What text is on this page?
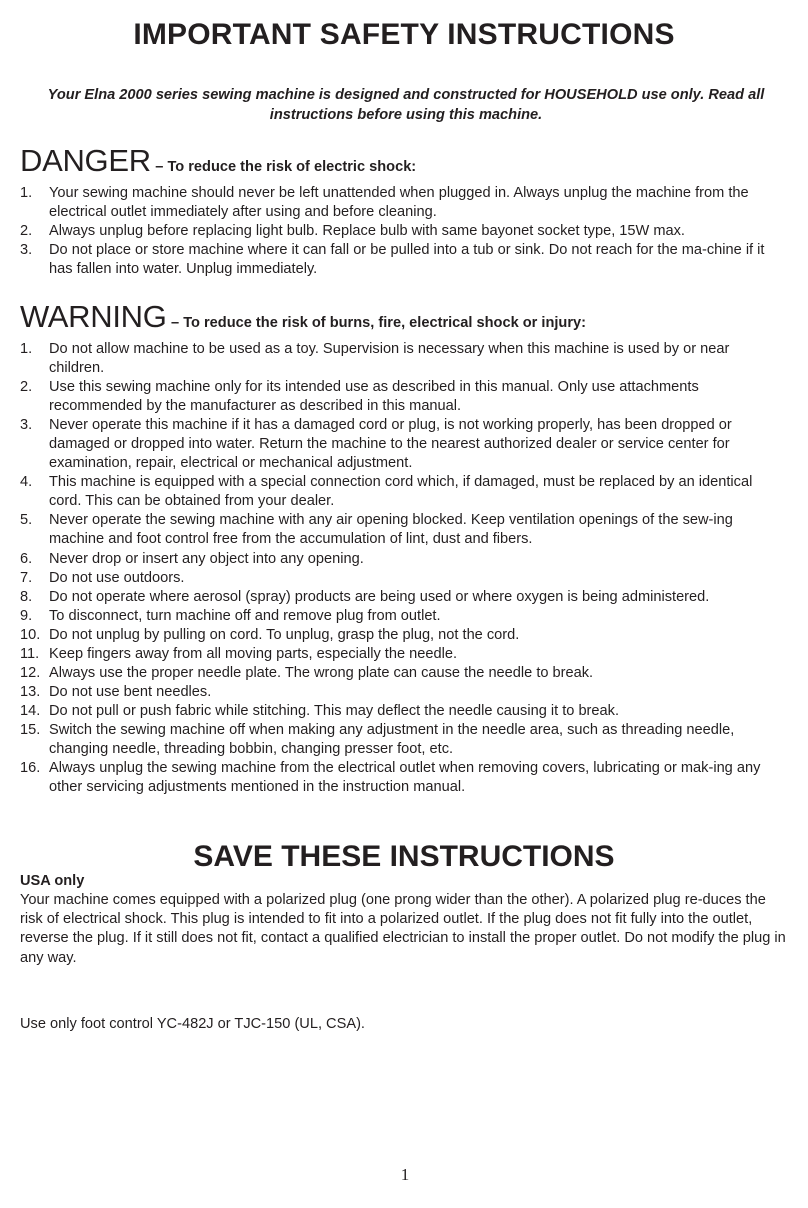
IMPORTANT SAFETY INSTRUCTIONS

Your Elna 2000 series sewing machine is designed and constructed for HOUSEHOLD use only. Read all instructions before using this machine.

DANGER – To reduce the risk of electric shock:
1. Your sewing machine should never be left unattended when plugged in. Always unplug the machine from the electrical outlet immediately after using and before cleaning.
2. Always unplug before replacing light bulb. Replace bulb with same bayonet socket type, 15W max.
3. Do not place or store machine where it can fall or be pulled into a tub or sink. Do not reach for the ma-chine if it has fallen into water. Unplug immediately.
WARNING – To reduce the risk of burns, fire, electrical shock or injury:
1. Do not allow machine to be used as a toy. Supervision is necessary when this machine is used by or near children.
2. Use this sewing machine only for its intended use as described in this manual. Only use attachments recommended by the manufacturer as described in this manual.
3. Never operate this machine if it has a damaged cord or plug, is not working properly, has been dropped or damaged or dropped into water. Return the machine to the nearest authorized dealer or service center for examination, repair, electrical or mechanical adjustment.
4. This machine is equipped with a special connection cord which, if damaged, must be replaced by an identical cord. This can be obtained from your dealer.
5. Never operate the sewing machine with any air opening blocked. Keep ventilation openings of the sew-ing machine and foot control free from the accumulation of lint, dust and fibers.
6. Never drop or insert any object into any opening.
7. Do not use outdoors.
8. Do not operate where aerosol (spray) products are being used or where oxygen is being administered.
9. To disconnect, turn machine off and remove plug from outlet.
10. Do not unplug by pulling on cord. To unplug, grasp the plug, not the cord.
11. Keep fingers away from all moving parts, especially the needle.
12. Always use the proper needle plate. The wrong plate can cause the needle to break.
13. Do not use bent needles.
14. Do not pull or push fabric while stitching. This may deflect the needle causing it to break.
15. Switch the sewing machine off when making any adjustment in the needle area, such as threading needle, changing needle, threading bobbin, changing presser foot, etc.
16. Always unplug the sewing machine from the electrical outlet when removing covers, lubricating or mak-ing any other servicing adjustments mentioned in the instruction manual.
SAVE THESE INSTRUCTIONS
USA only

Your machine comes equipped with a polarized plug (one prong wider than the other). A polarized plug re-duces the risk of electrical shock. This plug is intended to fit into a polarized outlet. If the plug does not fit fully into the outlet, reverse the plug. If it still does not fit, contact a qualified electrician to install the proper outlet. Do not modify the plug in any way.

Use only foot control YC-482J or TJC-150 (UL, CSA).

1
